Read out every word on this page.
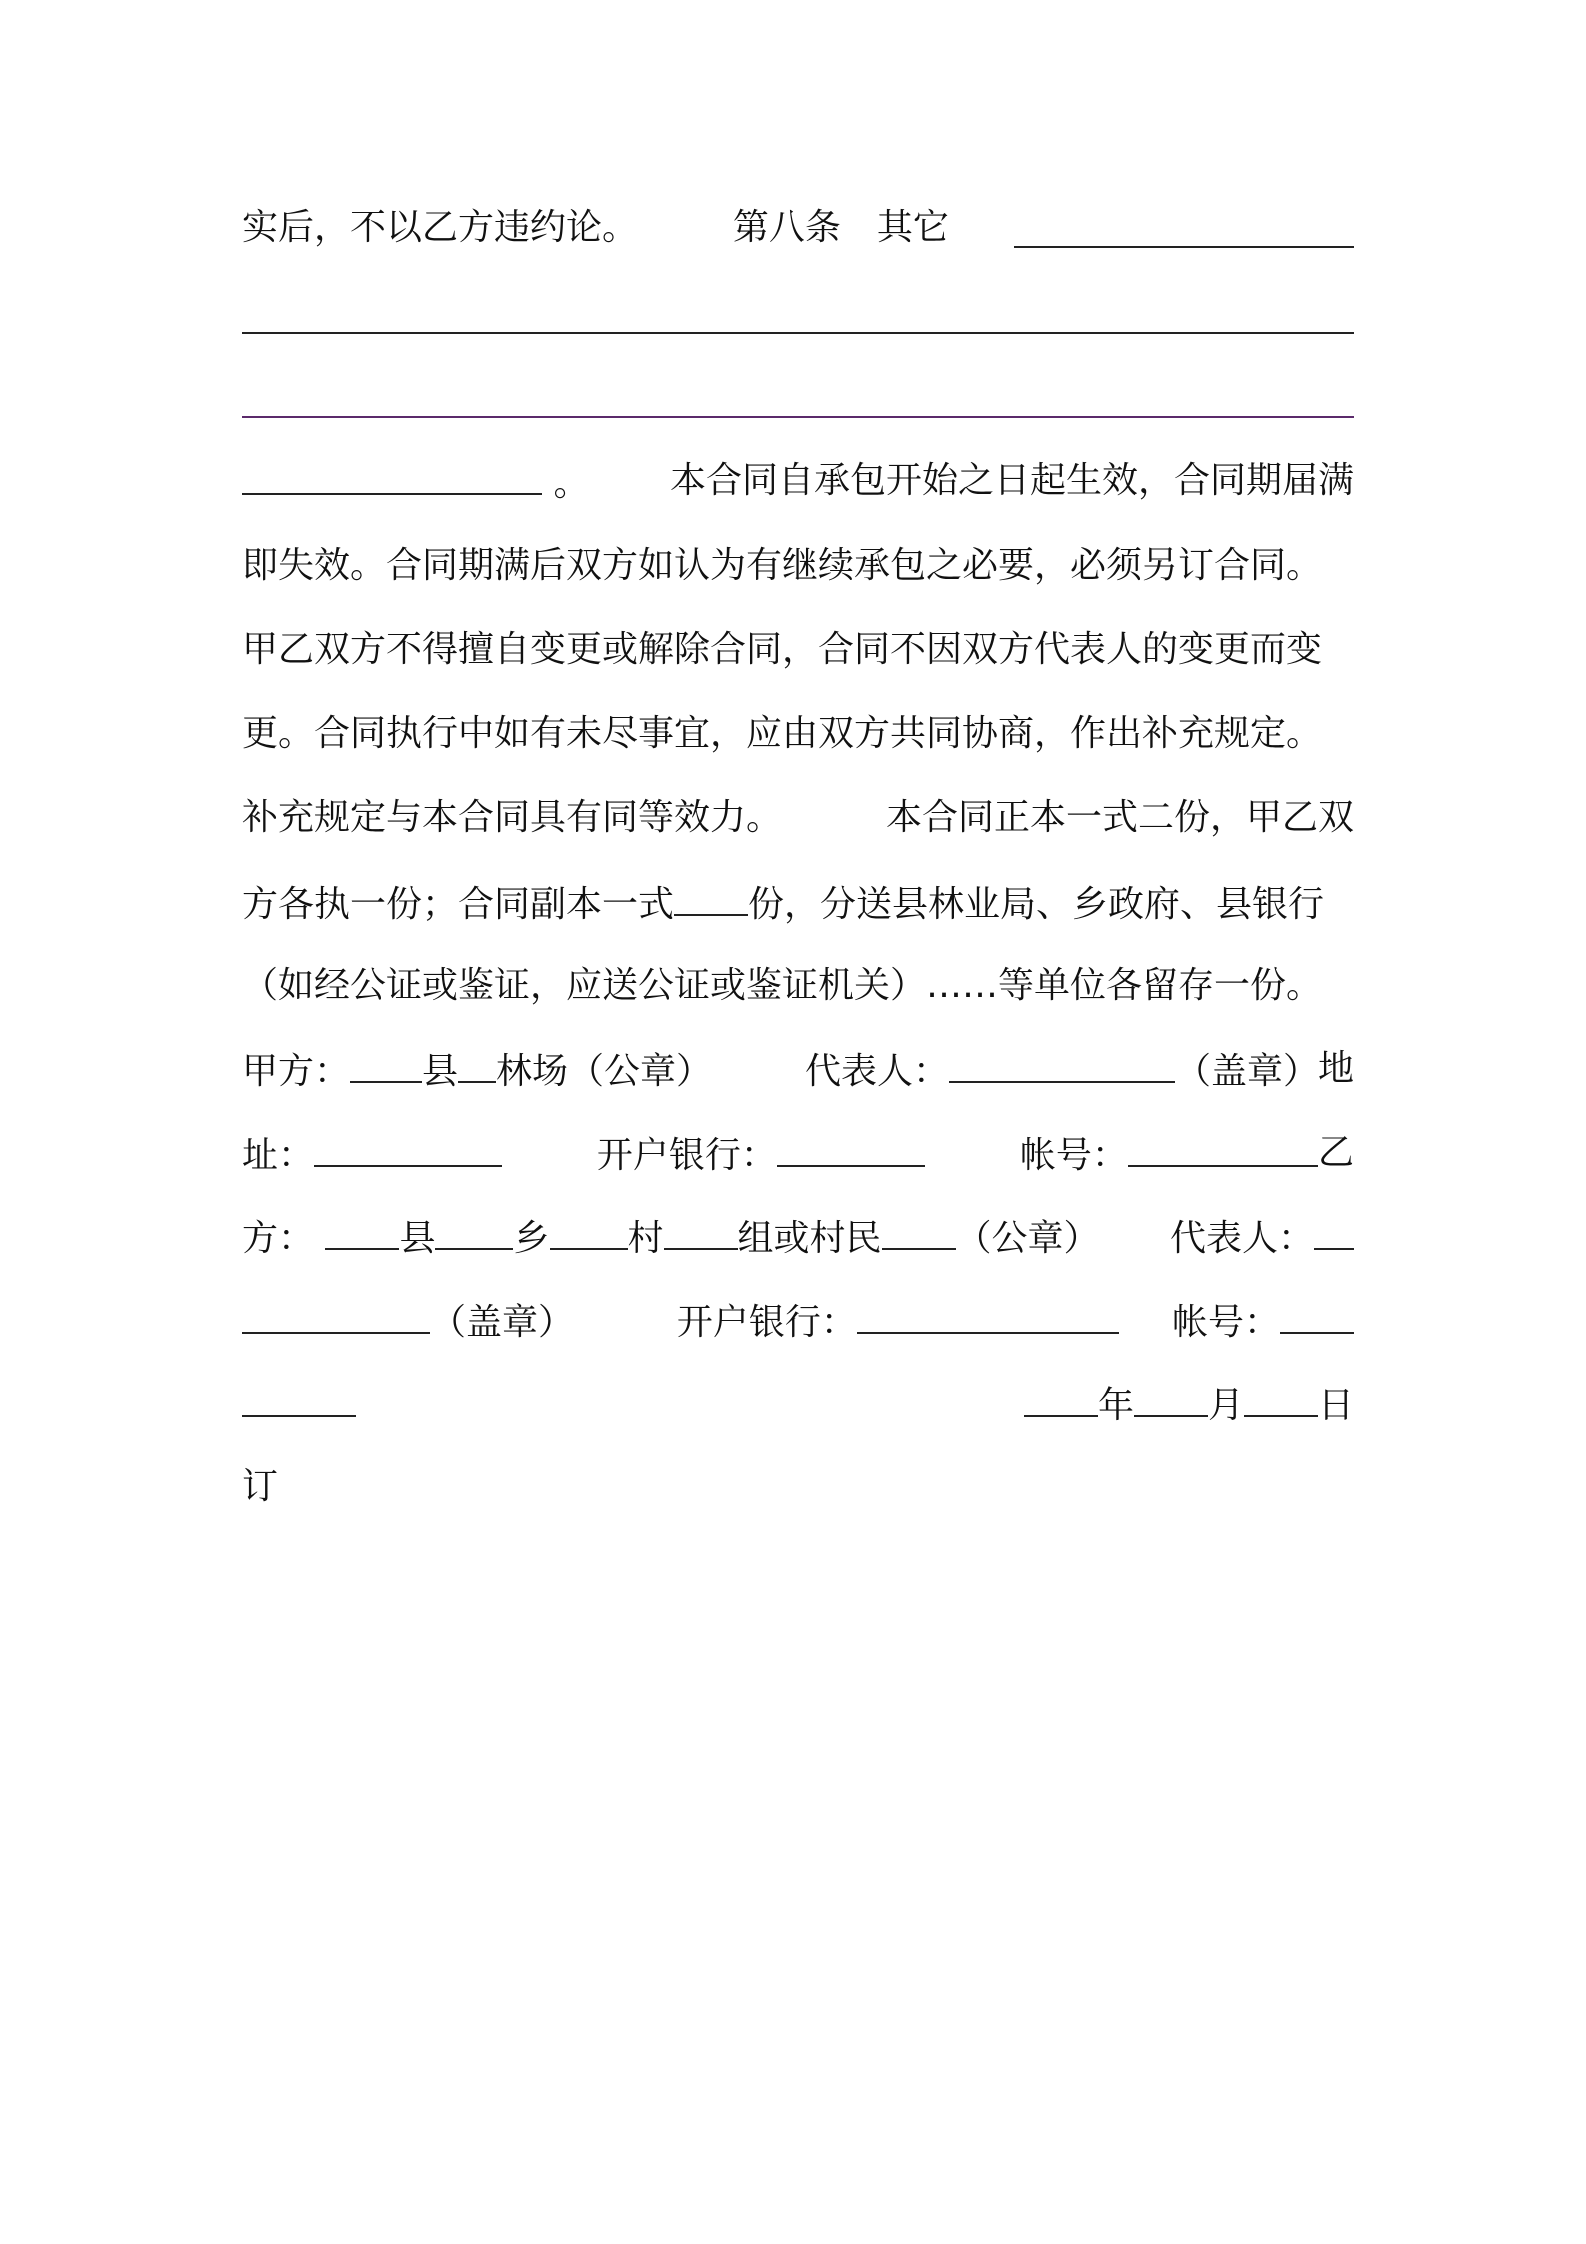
实后，不以乙方违约论。	第八条　其它
。 本合同自承包开始之日起生效，合同期届满
即失效。合同期满后双方如认为有继续承包之必要，必须另订合同。
甲乙双方不得擅自变更或解除合同，合同不因双方代表人的变更而变
更。合同执行中如有未尽事宜，应由双方共同协商，作出补充规定。
补充规定与本合同具有同等效力。	本合同正本一式二份，甲乙双
方各执一份；合同副本一式 份，分送县林业局、乡政府、县银行
（如经公证或鉴证，应送公证或鉴证机关）……等单位各留存一份。
甲方： 县 林场（公章）	代表人：	（盖章） 地
址：	开户银行：	帐号：	乙
方： 县 乡 村 组或村民 （公章） 代表人：
（盖章）	开户银行：	帐号：
年 月 日
订
